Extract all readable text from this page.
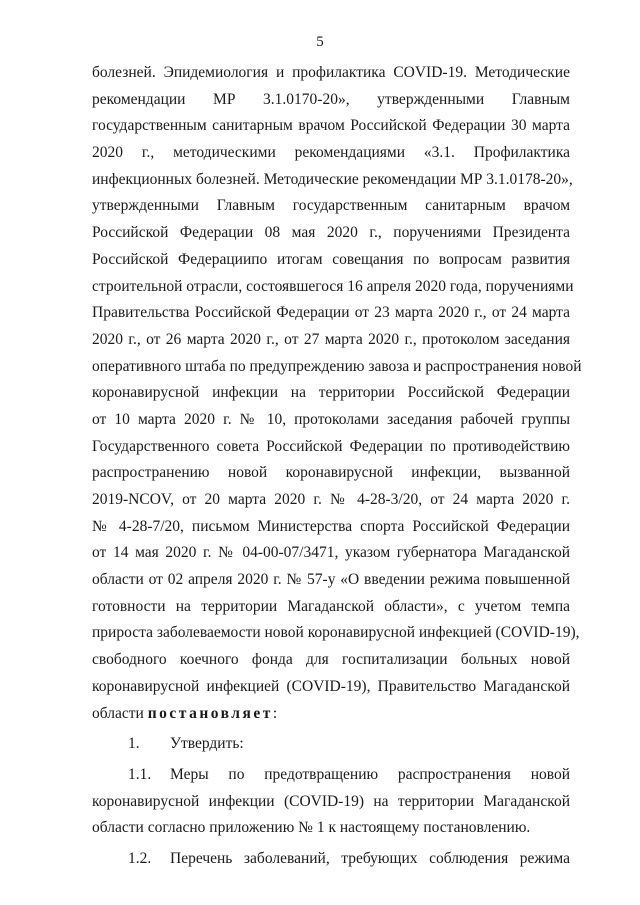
5
болезней. Эпидемиология и профилактика COVID-19. Методические
рекомендации МР 3.1.0170-20», утвержденными Главным
государственным санитарным врачом Российской Федерации 30 марта
2020 г., методическими рекомендациями «3.1. Профилактика
инфекционных болезней. Методические рекомендации МР 3.1.0178-20»,
утвержденными Главным государственным санитарным врачом
Российской Федерации 08 мая 2020 г., поручениями Президента
Российской Федерациипо итогам совещания по вопросам развития
строительной отрасли, состоявшегося 16 апреля 2020 года, поручениями
Правительства Российской Федерации от 23 марта 2020 г., от 24 марта
2020 г., от 26 марта 2020 г., от 27 марта 2020 г., протоколом заседания
оперативного штаба по предупреждению завоза и распространения новой
коронавирусной инфекции на территории Российской Федерации
от 10 марта 2020 г. № 10, протоколами заседания рабочей группы
Государственного совета Российской Федерации по противодействию
распространению новой коронавирусной инфекции, вызванной
2019-NCOV, от 20 марта 2020 г. № 4-28-3/20, от 24 марта 2020 г.
№ 4-28-7/20, письмом Министерства спорта Российской Федерации
от 14 мая 2020 г. № 04-00-07/3471, указом губернатора Магаданской
области от 02 апреля 2020 г. № 57-у «О введении режима повышенной
готовности на территории Магаданской области», с учетом темпа
прироста заболеваемости новой коронавирусной инфекцией (COVID-19),
свободного коечного фонда для госпитализации больных новой
коронавирусной инфекцией (COVID-19), Правительство Магаданской
области постановляет:
1. Утвердить:
1.1. Меры по предотвращению распространения новой
коронавирусной инфекции (COVID-19) на территории Магаданской
области согласно приложению № 1 к настоящему постановлению.
1.2. Перечень заболеваний, требующих соблюдения режима
